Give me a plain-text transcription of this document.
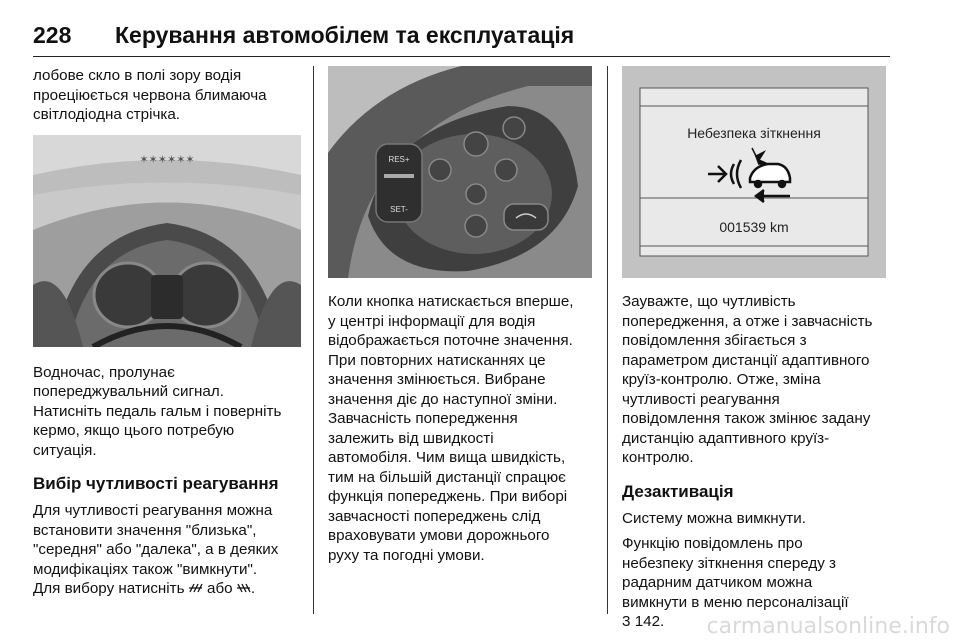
228 Керування автомобілем та експлуатація

лобове скло в полі зору водія
проеціюється червона блимаюча
світлодіодна стрічка.

✶✶✶✶✶✶

Водночас, пролунає
попереджувальний сигнал.
Натисніть педаль гальм і поверніть
кермо, якщо цього потребую
ситуація.

Вибір чутливості реагування

Для чутливості реагування можна
встановити значення "близька",
"середня" або "далека", а в деяких
модифікаціях також "вимкнути".
Для вибору натисніть або .

RES+
SET-

Коли кнопка натискається вперше,
у центрі інформації для водія
відображається поточне значення.
При повторних натисканнях це
значення змінюється. Вибране
значення діє до наступної зміни.
Завчасність попередження
залежить від швидкості
автомобіля. Чим вища швидкість,
тим на більшій дистанції спрацює
функція попереджень. При виборі
завчасності попереджень слід
враховувати умови дорожнього
руху та погодні умови.

Небезпека зіткнення
001539 km

Зауважте, що чутливість
попередження, а отже і завчасність
повідомлення збігається з
параметром дистанції адаптивного
круїз-контролю. Отже, зміна
чутливості реагування
повідомлення також змінює задану
дистанцію адаптивного круїз-
контролю.

Дезактивація

Систему можна вимкнути.

Функцію повідомлень про
небезпеку зіткнення спереду з
радарним датчиком можна
вимкнути в меню персоналізації
3 142.	carmanualsonline.info
